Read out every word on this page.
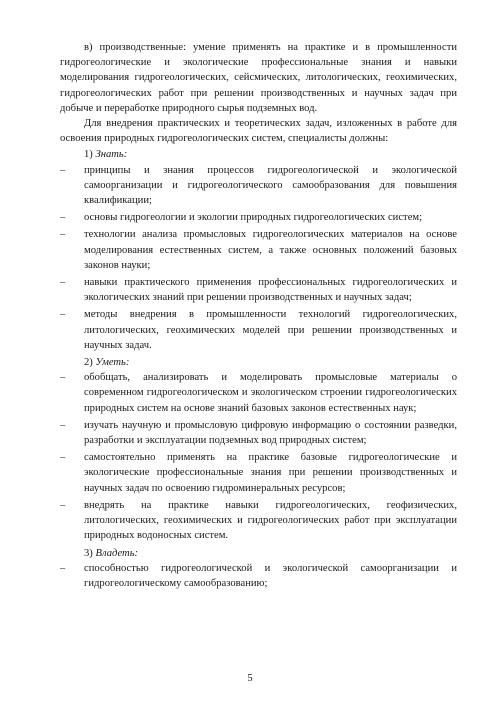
в) производственные: умение применять на практике и в промышленности гидрогеологические и экологические профессиональные знания и навыки моделирования гидрогеологических, сейсмических, литологических, геохимических, гидрогеологических работ при решении производственных и научных задач при добыче и переработке природного сырья подземных вод.

Для внедрения практических и теоретических задач, изложенных в работе для освоения природных гидрогеологических систем, специалисты должны:

1) Знать:

– принципы и знания процессов гидрогеологической и экологической самоорганизации и гидрогеологического самообразования для повышения квалификации;
– основы гидрогеологии и экологии природных гидрогеологических систем;
– технологии анализа промысловых гидрогеологических материалов на основе моделирования естественных систем, а также основных положений базовых законов науки;
– навыки практического применения профессиональных гидрогеологических и экологических знаний при решении производственных и научных задач;
– методы внедрения в промышленности технологий гидрогеологических, литологических, геохимических моделей при решении производственных и научных задач.

2) Уметь:

– обобщать, анализировать и моделировать промысловые материалы о современном гидрогеологическом и экологическом строении гидрогеологических природных систем на основе знаний базовых законов естественных наук;
– изучать научную и промысловую цифровую информацию о состоянии разведки, разработки и эксплуатации подземных вод природных систем;
– самостоятельно применять на практике базовые гидрогеологические и экологические профессиональные знания при решении производственных и научных задач по освоению гидроминеральных ресурсов;
– внедрять на практике навыки гидрогеологических, геофизических, литологических, геохимических и гидрогеологических работ при эксплуатации природных водоносных систем.

3) Владеть:

– способностью гидрогеологической и экологической самоорганизации и гидрогеологическому самообразованию;
5
